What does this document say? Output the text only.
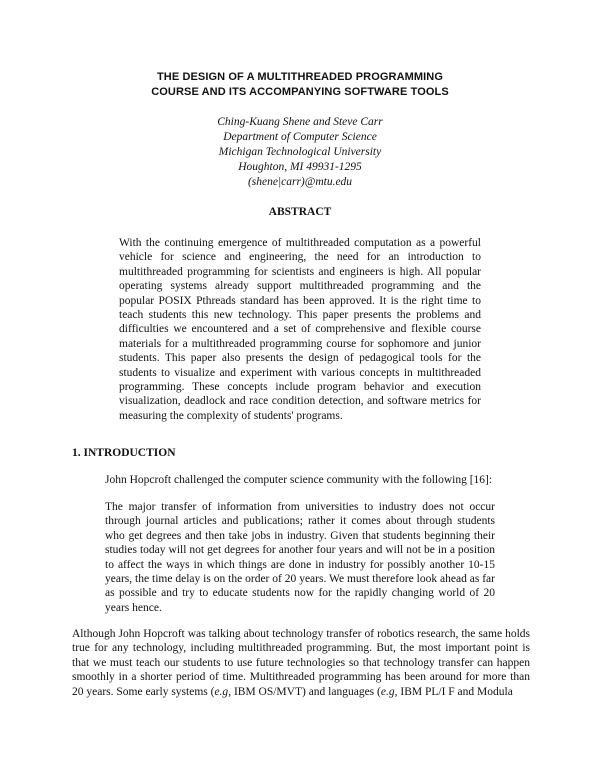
THE DESIGN OF A MULTITHREADED PROGRAMMING
COURSE AND ITS ACCOMPANYING SOFTWARE TOOLS
Ching-Kuang Shene and Steve Carr
Department of Computer Science
Michigan Technological University
Houghton, MI 49931-1295
(shene|carr)@mtu.edu
ABSTRACT
With the continuing emergence of multithreaded computation as a powerful vehicle for science and engineering, the need for an introduction to multithreaded programming for scientists and engineers is high. All popular operating systems already support multithreaded programming and the popular POSIX Pthreads standard has been approved. It is the right time to teach students this new technology. This paper presents the problems and difficulties we encountered and a set of comprehensive and flexible course materials for a multithreaded programming course for sophomore and junior students. This paper also presents the design of pedagogical tools for the students to visualize and experiment with various concepts in multithreaded programming. These concepts include program behavior and execution visualization, deadlock and race condition detection, and software metrics for measuring the complexity of students' programs.
1. INTRODUCTION
John Hopcroft challenged the computer science community with the following [16]:
The major transfer of information from universities to industry does not occur through journal articles and publications; rather it comes about through students who get degrees and then take jobs in industry. Given that students beginning their studies today will not get degrees for another four years and will not be in a position to affect the ways in which things are done in industry for possibly another 10-15 years, the time delay is on the order of 20 years. We must therefore look ahead as far as possible and try to educate students now for the rapidly changing world of 20 years hence.
Although John Hopcroft was talking about technology transfer of robotics research, the same holds true for any technology, including multithreaded programming. But, the most important point is that we must teach our students to use future technologies so that technology transfer can happen smoothly in a shorter period of time. Multithreaded programming has been around for more than 20 years. Some early systems (e.g, IBM OS/MVT) and languages (e.g, IBM PL/I F and Modula
